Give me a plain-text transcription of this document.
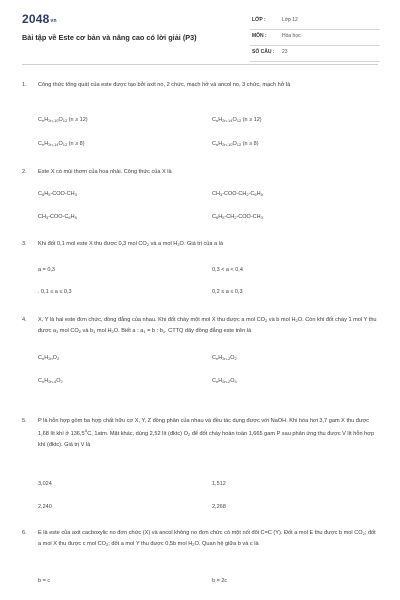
$2048_{vn}$
Bài tập về Este cơ bản và nâng cao có lời giải (P3)
LỚP :	Lớp 12
MÔN :	Hóa học
SỐ CÂU : 23
1. Công thức tổng quát của este được tạo bởi axit no, 2 chức, mạch hở và ancol no, 3 chức, mạch hở là
$C_nH_{2n-10}O_{12}$ (n ≥ 12)	$C_nH_{2n-14}O_{12}$ (n ≥ 12)
$C_nH_{2n-14}O_{12}$ (n ≥ 8)	$C_nH_{2n-10}O_{12}$ (n ≥ 8)
2. Este X có mùi thơm của hoa nhài. Công thức của X là
$C_6H_5-COO-CH_3$	$CH_3-COO-CH_2-C_6H_5$
$CH_3-COO-C_6H_5$	$C_6H_5-CH_2-COO-CH_3$
3. Khi đốt 0,1 mol este X thu được 0,3 mol $CO_2$ và a mol $H_2O$. Giá trị của a là
a = 0,3	0,3 < a < 0,4
. 0,1 ≤ a ≤ 0,3	0,2 ≤ a ≤ 0,3
4. X, Y là hai este đơn chức, đồng đẳng của nhau. Khi đốt cháy một mol X thu được a mol $CO_2$ và b mol $H_2O$. Còn khi đốt cháy 1 mol Y thu được $a_1$ mol $CO_2$ và $b_1$ mol $H_2O$. Biết a : $a_1 = b$ : $b_1$. CTTQ dãy đồng đẳng este trên là
$C_nH_{2n}O_2$	$C_nH_{2n-2}O_2$
$C_nH_{2n-4}O_2$	$C_nH_{2n-2}O_4$
5. P là hỗn hợp gồm ba hợp chất hữu cơ X, Y, Z đồng phân của nhau và đều tác dụng được với NaOH. Khi hóa hơi 3,7 gam X thu được 1,68 lít khí ở 136,5$^o$C, 1atm. Mặt khác, dùng 2,52 lít (đktc) $O_2$ để đốt cháy hoàn toàn 1,665 gam P sau phản ứng thu được V lít hỗn hợp khí (đktc). Giá trị V là
3,024	1,512
2,240	2,268
6. E là este của axit cacboxylic no đơn chức (X) và ancol không no đơn chức có một nối đôi C=C (Y). Đốt a mol E thu được b mol $CO_2$; đốt a mol X thu được c mol $CO_2$; đốt a mol Y thu được 0,5b mol $H_2O$. Quan hệ giữa b và c là
b = c	b = 2c
